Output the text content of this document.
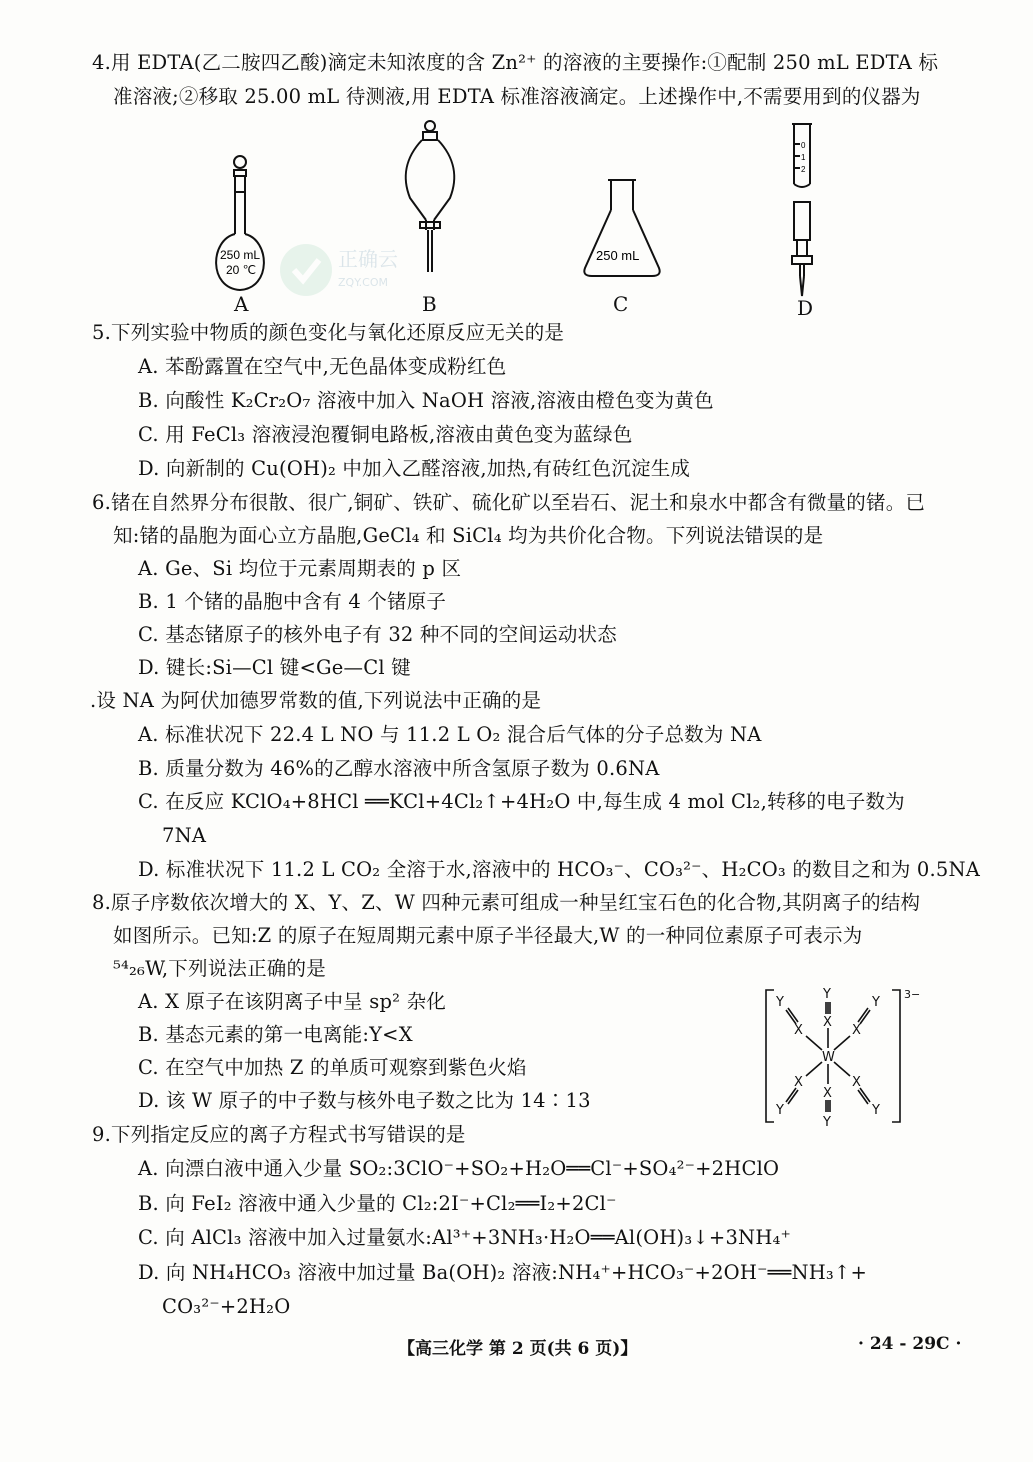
4.用 EDTA(乙二胺四乙酸)滴定未知浓度的含 Zn²⁺ 的溶液的主要操作:①配制 250 mL EDTA 标
准溶液;②移取 25.00 mL 待测液,用 EDTA 标准溶液滴定。上述操作中,不需要用到的仪器为
250 mL
20 ℃
250 mL
0
1
2
A	B	C	D
正确云
ZQY.COM
5.下列实验中物质的颜色变化与氧化还原反应无关的是
A. 苯酚露置在空气中,无色晶体变成粉红色
B. 向酸性 K₂Cr₂O₇ 溶液中加入 NaOH 溶液,溶液由橙色变为黄色
C. 用 FeCl₃ 溶液浸泡覆铜电路板,溶液由黄色变为蓝绿色
D. 向新制的 Cu(OH)₂ 中加入乙醛溶液,加热,有砖红色沉淀生成
6.锗在自然界分布很散、很广,铜矿、铁矿、硫化矿以至岩石、泥土和泉水中都含有微量的锗。已
知:锗的晶胞为面心立方晶胞,GeCl₄ 和 SiCl₄ 均为共价化合物。下列说法错误的是
A. Ge、Si 均位于元素周期表的 p 区
B. 1 个锗的晶胞中含有 4 个锗原子
C. 基态锗原子的核外电子有 32 种不同的空间运动状态
D. 键长:Si—Cl 键<Ge—Cl 键
.设 NA 为阿伏加德罗常数的值,下列说法中正确的是
A. 标准状况下 22.4 L NO 与 11.2 L O₂ 混合后气体的分子总数为 NA
B. 质量分数为 46%的乙醇水溶液中所含氢原子数为 0.6NA
C. 在反应 KClO₄+8HCl ══KCl+4Cl₂↑+4H₂O 中,每生成 4 mol Cl₂,转移的电子数为
7NA
D. 标准状况下 11.2 L CO₂ 全溶于水,溶液中的 HCO₃⁻、CO₃²⁻、H₂CO₃ 的数目之和为 0.5NA
8.原子序数依次增大的 X、Y、Z、W 四种元素可组成一种呈红宝石色的化合物,其阴离子的结构
如图所示。已知:Z 的原子在短周期元素中原子半径最大,W 的一种同位素原子可表示为
⁵⁴₂₆W,下列说法正确的是
A. X 原子在该阴离子中呈 sp² 杂化
B. 基态元素的第一电离能:Y<X
C. 在空气中加热 Z 的单质可观察到紫色火焰
D. 该 W 原子的中子数与核外电子数之比为 14∶13
W
X
X
X	X
X	X
Y
Y
Y	Y
Y	Y
3−
9.下列指定反应的离子方程式书写错误的是
A. 向漂白液中通入少量 SO₂:3ClO⁻+SO₂+H₂O══Cl⁻+SO₄²⁻+2HClO
B. 向 FeI₂ 溶液中通入少量的 Cl₂:2I⁻+Cl₂══I₂+2Cl⁻
C. 向 AlCl₃ 溶液中加入过量氨水:Al³⁺+3NH₃·H₂O══Al(OH)₃↓+3NH₄⁺
D. 向 NH₄HCO₃ 溶液中加过量 Ba(OH)₂ 溶液:NH₄⁺+HCO₃⁻+2OH⁻══NH₃↑+
CO₃²⁻+2H₂O
【高三化学 第 2 页(共 6 页)】	· 24 - 29C ·
